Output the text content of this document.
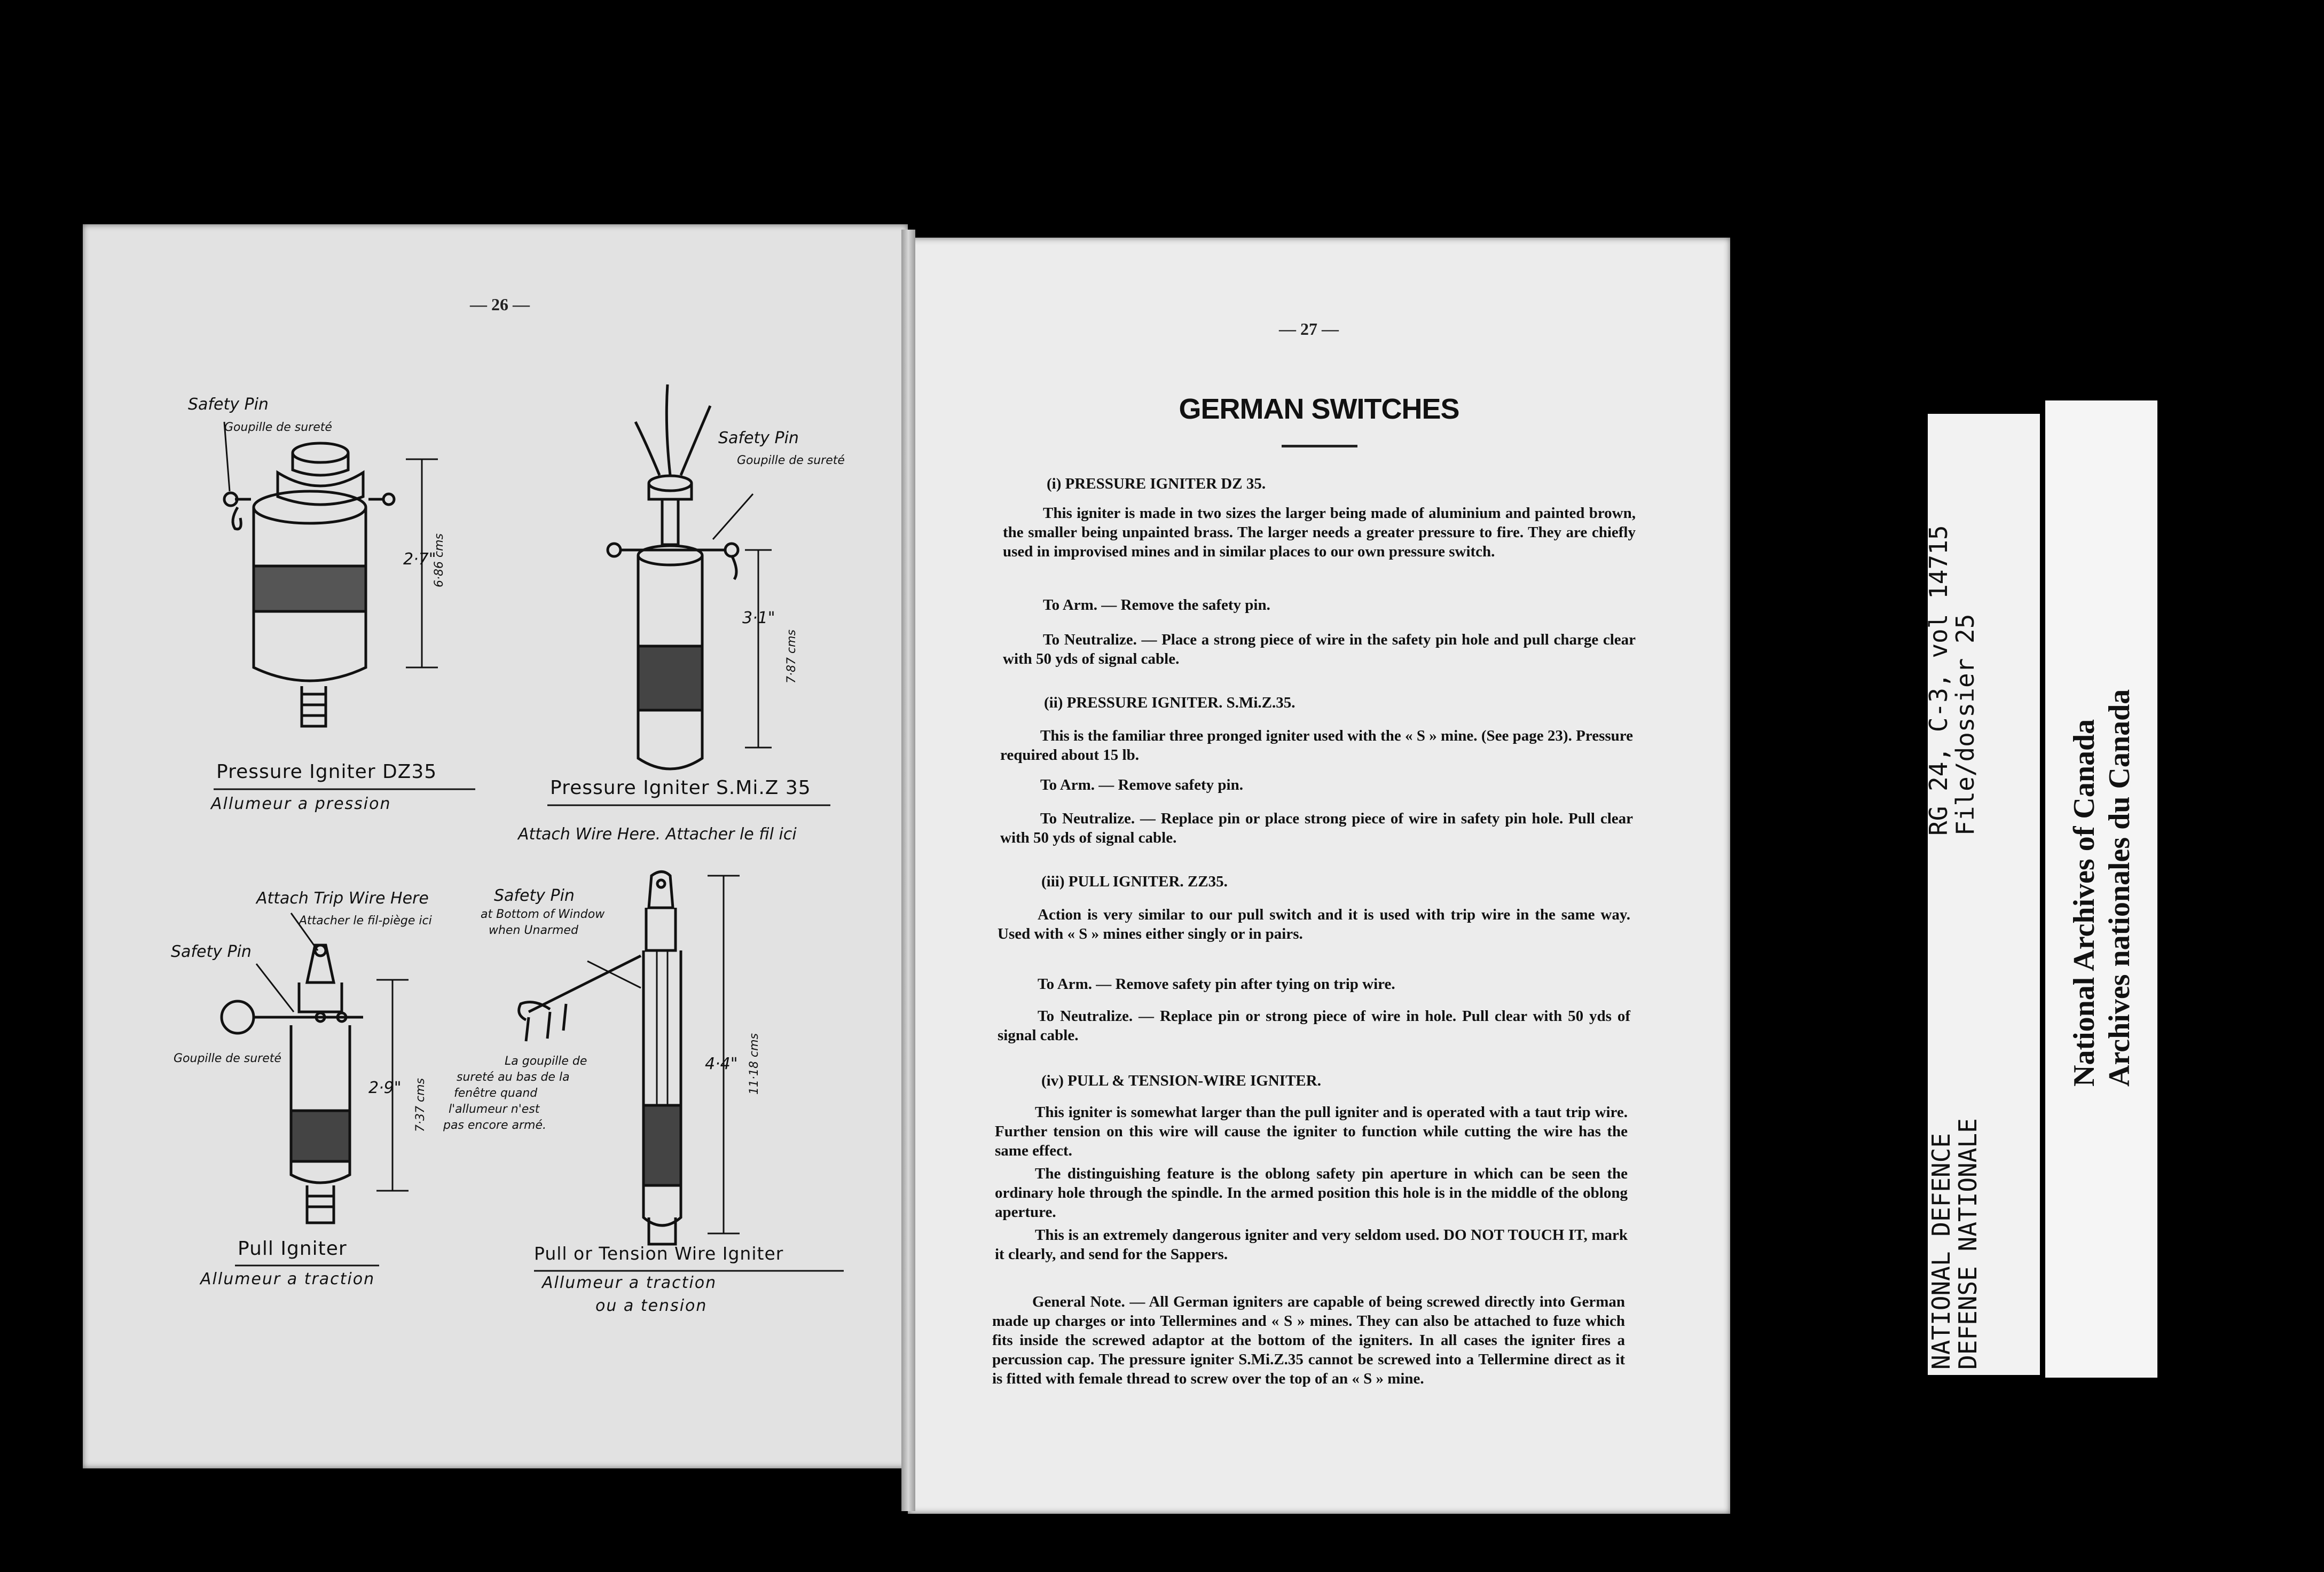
— 26 —
— 27 —
Safety Pin
Goupille de sureté
2·7"
6·86 cms
Pressure Igniter DZ35
Allumeur a pression
Safety Pin
Goupille de sureté
3·1"
7·87 cms
Pressure Igniter S.Mi.Z 35
Attach Trip Wire Here
Attacher le fil-piège ici
Safety Pin
Goupille de sureté
2·9" 7·37 cms
Pull Igniter
Allumeur a traction
Attach Wire Here. Attacher le fil ici
Safety Pin
at Bottom of Window
when Unarmed
La goupille de
sureté au bas de la
fenêtre quand
l'allumeur n'est
pas encore armé.
4·4" 11·18 cms
Pull or Tension Wire Igniter
Allumeur a traction
ou a tension
GERMAN SWITCHES
(i) PRESSURE IGNITER DZ 35.
This igniter is made in two sizes the larger being made of aluminium and painted brown, the smaller being unpainted brass. The larger needs a greater pressure to fire. They are chiefly used in improvised mines and in similar places to our own pressure switch.
To Arm. — Remove the safety pin.
To Neutralize. — Place a strong piece of wire in the safety pin hole and pull charge clear with 50 yds of signal cable.
(ii) PRESSURE IGNITER. S.Mi.Z.35.
This is the familiar three pronged igniter used with the « S » mine. (See page 23). Pressure required about 15 lb.
To Arm. — Remove safety pin.
To Neutralize. — Replace pin or place strong piece of wire in safety pin hole. Pull clear with 50 yds of signal cable.
(iii) PULL IGNITER. ZZ35.
Action is very similar to our pull switch and it is used with trip wire in the same way. Used with « S » mines either singly or in pairs.
To Arm. — Remove safety pin after tying on trip wire.
To Neutralize. — Replace pin or strong piece of wire in hole. Pull clear with 50 yds of signal cable.
(iv) PULL & TENSION-WIRE IGNITER.
This igniter is somewhat larger than the pull igniter and is operated with a taut trip wire. Further tension on this wire will cause the igniter to function while cutting the wire has the same effect.
The distinguishing feature is the oblong safety pin aperture in which can be seen the ordinary hole through the spindle. In the armed position this hole is in the middle of the oblong aperture.
This is an extremely dangerous igniter and very seldom used. DO NOT TOUCH IT, mark it clearly, and send for the Sappers.
General Note. — All German igniters are capable of being screwed directly into German made up charges or into Tellermines and « S » mines. They can also be attached to fuze which fits inside the screwed adaptor at the bottom of the igniters. In all cases the igniter fires a percussion cap. The pressure igniter S.Mi.Z.35 cannot be screwed into a Tellermine direct as it is fitted with female thread to screw over the top of an « S » mine.
RG 24, C-3, vol 14715
File/dossier 25
NATIONAL DEFENCE
DEFENSE NATIONALE
National Archives of Canada Archives nationales du Canada
